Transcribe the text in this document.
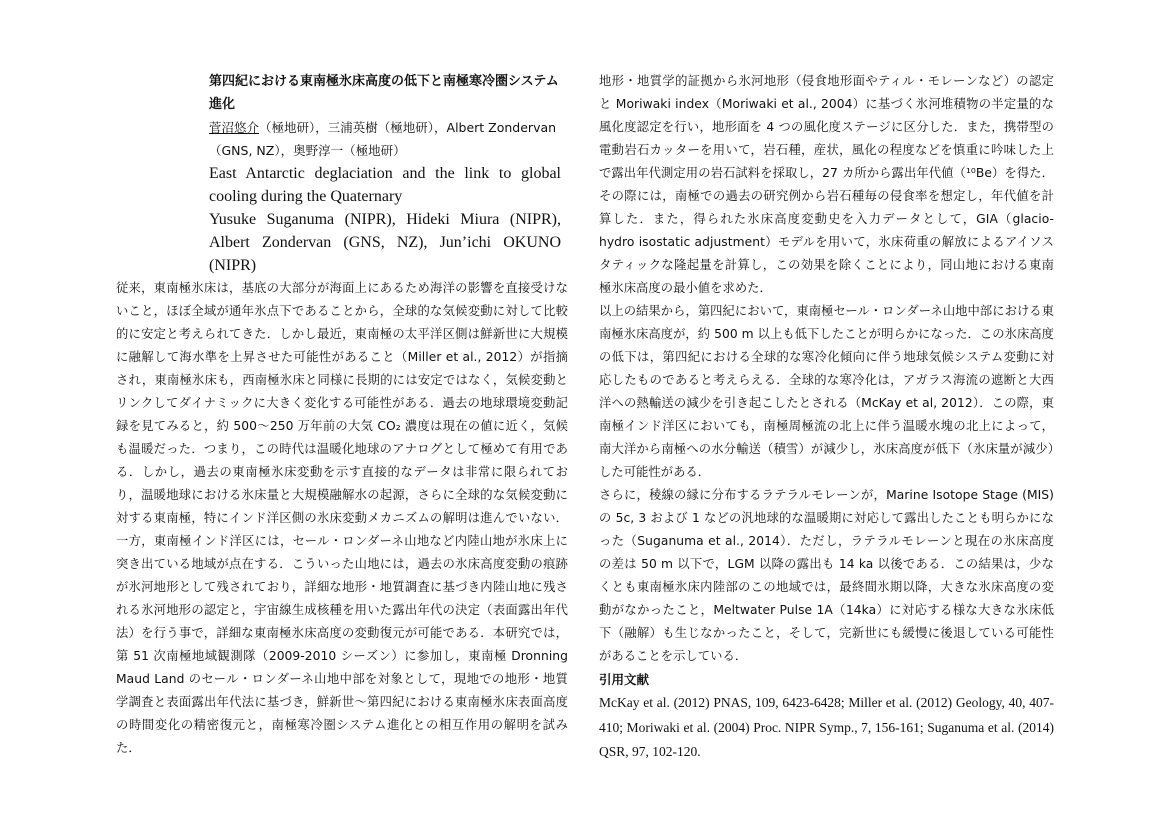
第四紀における東南極氷床高度の低下と南極寒冷圏システム進化

菅沼悠介（極地研），三浦英樹（極地研），Albert Zondervan（GNS, NZ），奥野淳一（極地研）

East Antarctic deglaciation and the link to global cooling during the Quaternary

Yusuke Suganuma (NIPR), Hideki Miura (NIPR), Albert Zondervan (GNS, NZ), Jun’ichi OKUNO (NIPR)

従来，東南極氷床は，基底の大部分が海面上にあるため海洋の影響を直接受けないこと，ほぼ全域が通年氷点下であることから，全球的な気候変動に対して比較的に安定と考えられてきた．しかし最近，東南極の太平洋区側は鮮新世に大規模に融解して海水準を上昇させた可能性があること（Miller et al., 2012）が指摘され，東南極氷床も，西南極氷床と同様に長期的には安定ではなく，気候変動とリンクしてダイナミックに大きく変化する可能性がある．過去の地球環境変動記録を見てみると，約 500〜250 万年前の大気 CO₂ 濃度は現在の値に近く，気候も温暖だった．つまり，この時代は温暖化地球のアナログとして極めて有用である．しかし，過去の東南極氷床変動を示す直接的なデータは非常に限られており，温暖地球における氷床量と大規模融解水の起源，さらに全球的な気候変動に対する東南極，特にインド洋区側の氷床変動メカニズムの解明は進んでいない．一方，東南極インド洋区には，セール・ロンダーネ山地など内陸山地が氷床上に突き出ている地域が点在する．こういった山地には，過去の氷床高度変動の痕跡が氷河地形として残されており，詳細な地形・地質調査に基づき内陸山地に残される氷河地形の認定と，宇宙線生成核種を用いた露出年代の決定（表面露出年代法）を行う事で，詳細な東南極氷床高度の変動復元が可能である．本研究では，第 51 次南極地域観測隊（2009-2010 シーズン）に参加し，東南極 Dronning Maud Land のセール・ロンダーネ山地中部を対象として，現地での地形・地質学調査と表面露出年代法に基づき，鮮新世〜第四紀における東南極氷床表面高度の時間変化の精密復元と，南極寒冷圏システム進化との相互作用の解明を試みた．

地形・地質学的証拠から氷河地形（侵食地形面やティル・モレーンなど）の認定と Moriwaki index（Moriwaki et al., 2004）に基づく氷河堆積物の半定量的な風化度認定を行い，地形面を 4 つの風化度ステージに区分した．また，携帯型の電動岩石カッターを用いて，岩石種，産状，風化の程度などを慎重に吟味した上で露出年代測定用の岩石試料を採取し，27 カ所から露出年代値（¹⁰Be）を得た．その際には，南極での過去の研究例から岩石種毎の侵食率を想定し，年代値を計算した．また，得られた氷床高度変動史を入力データとして，GIA（glacio-hydro isostatic adjustment）モデルを用いて，氷床荷重の解放によるアイソスタティックな隆起量を計算し，この効果を除くことにより，同山地における東南極氷床高度の最小値を求めた．

以上の結果から，第四紀において，東南極セール・ロンダーネ山地中部における東南極氷床高度が，約 500 m 以上も低下したことが明らかになった．この氷床高度の低下は，第四紀における全球的な寒冷化傾向に伴う地球気候システム変動に対応したものであると考えらえる．全球的な寒冷化は，アガラス海流の遮断と大西洋への熱輸送の減少を引き起こしたとされる（McKay et al, 2012）．この際，東南極インド洋区においても，南極周極流の北上に伴う温暖水塊の北上によって，南大洋から南極への水分輸送（積雪）が減少し，氷床高度が低下（氷床量が減少）した可能性がある．

さらに，稜線の縁に分布するラテラルモレーンが，Marine Isotope Stage (MIS) の 5c, 3 および 1 などの汎地球的な温暖期に対応して露出したことも明らかになった（Suganuma et al., 2014）．ただし，ラテラルモレーンと現在の氷床高度の差は 50 m 以下で，LGM 以降の露出も 14 ka 以後である．この結果は，少なくとも東南極氷床内陸部のこの地域では，最終間氷期以降，大きな氷床高度の変動がなかったこと，Meltwater Pulse 1A（14ka）に対応する様な大きな氷床低下（融解）も生じなかったこと，そして，完新世にも緩慢に後退している可能性があることを示している．

引用文献

McKay et al. (2012) PNAS, 109, 6423-6428; Miller et al. (2012) Geology, 40, 407-410; Moriwaki et al. (2004) Proc. NIPR Symp., 7, 156-161; Suganuma et al. (2014) QSR, 97, 102-120.
